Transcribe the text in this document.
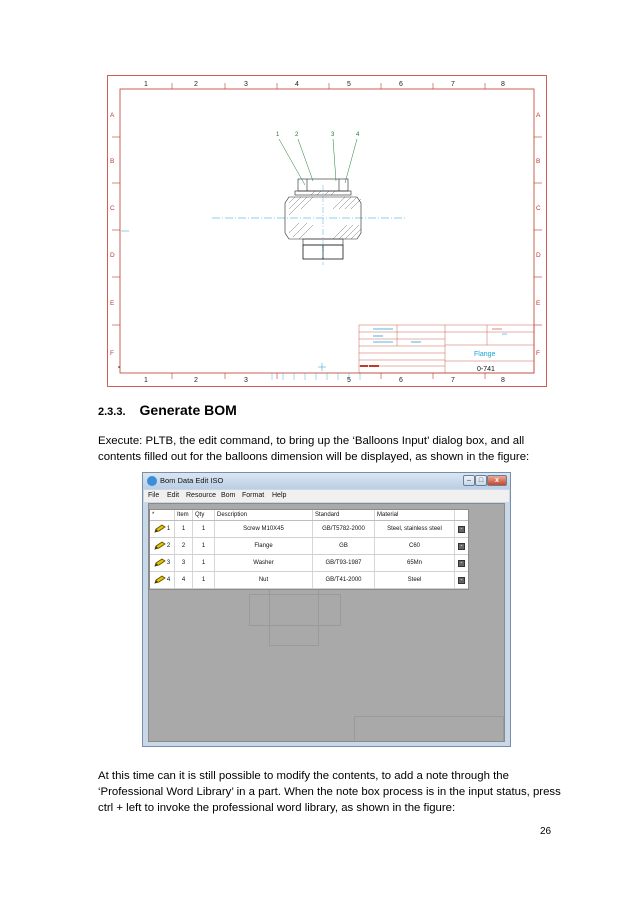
1	2	3	4	5	6	7	8
1	2	3	5	6	7	8
A
B
C
D
E
F
A
B
C
D
E
F
1	2	3	4
Flange
0-741
2.3.3. Generate BOM
Execute: PLTB, the edit command, to bring up the ‘Balloons Input’ dialog box, and all contents filled out for the balloons dimension will be displayed, as shown in the figure:
Bom Data Edit ISO	–	□	x
File Edit Resource Bom Format Help
*	Item	Qty	Description	Standard	Material
1	1	1	Screw M10X45	GB/T5782-2000	Steel, stainless steel	-
2	2	1	Flange	GB	C60	-
3	3	1	Washer	GB/T93-1987	65Mn	-
4	4	1	Nut	GB/T41-2000	Steel	-
At this time can it is still possible to modify the contents, to add a note through the ‘Professional Word Library’ in a part. When the note box process is in the input status, press ctrl + left to invoke the professional word library, as shown in the figure:
26
